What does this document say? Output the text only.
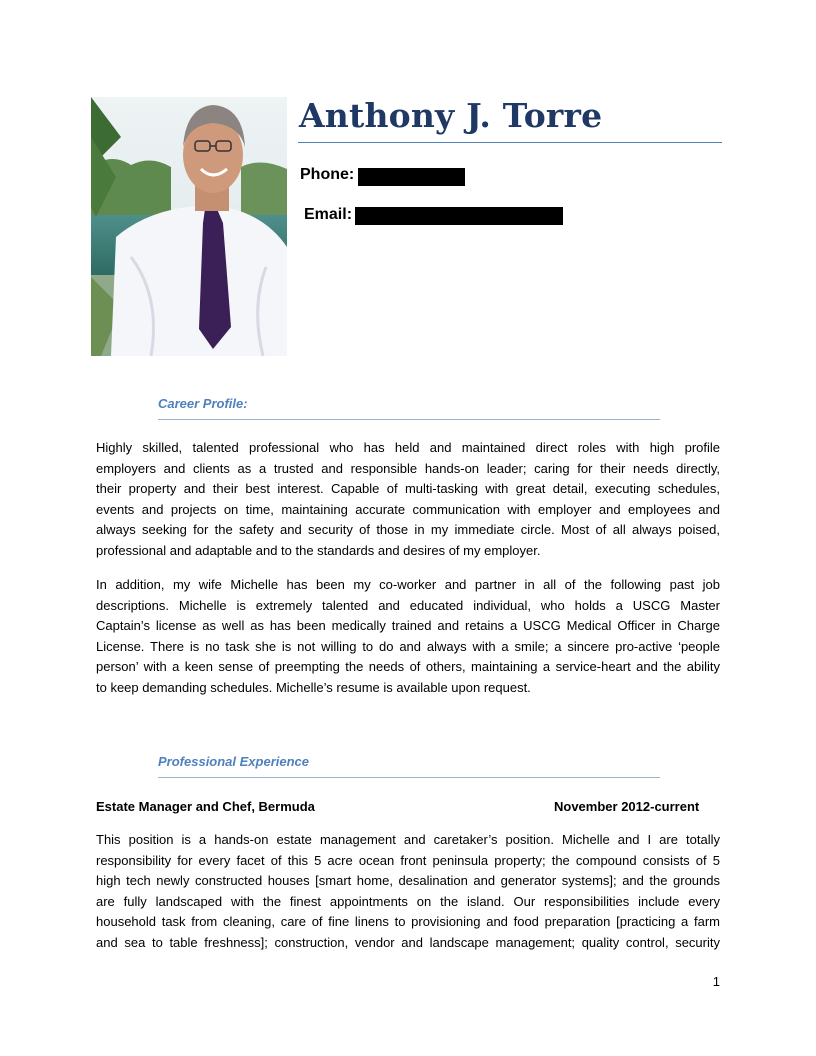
Anthony J. Torre
Phone:
Email:
Career Profile:

Highly skilled, talented professional who has held and maintained direct roles with high profile
employers and clients as a trusted and responsible hands-on leader; caring for their needs directly,
their property and their best interest. Capable of multi-tasking with great detail, executing schedules,
events and projects on time, maintaining accurate communication with employer and employees and
always seeking for the safety and security of those in my immediate circle. Most of all always poised,
professional and adaptable and to the standards and desires of my employer.

In addition, my wife Michelle has been my co-worker and partner in all of the following past job
descriptions. Michelle is extremely talented and educated individual, who holds a USCG Master
Captain’s license as well as has been medically trained and retains a USCG Medical Officer in Charge
License. There is no task she is not willing to do and always with a smile; a sincere pro-active ‘people
person’ with a keen sense of preempting the needs of others, maintaining a service-heart and the ability
to keep demanding schedules. Michelle’s resume is available upon request.

Professional Experience
Estate Manager and Chef, Bermuda	November 2012-current

This position is a hands-on estate management and caretaker’s position. Michelle and I are totally
responsibility for every facet of this 5 acre ocean front peninsula property; the compound consists of 5
high tech newly constructed houses [smart home, desalination and generator systems]; and the grounds
are fully landscaped with the finest appointments on the island. Our responsibilities include every
household task from cleaning, care of fine linens to provisioning and food preparation [practicing a farm
and sea to table freshness]; construction, vendor and landscape management; quality control, security

1
